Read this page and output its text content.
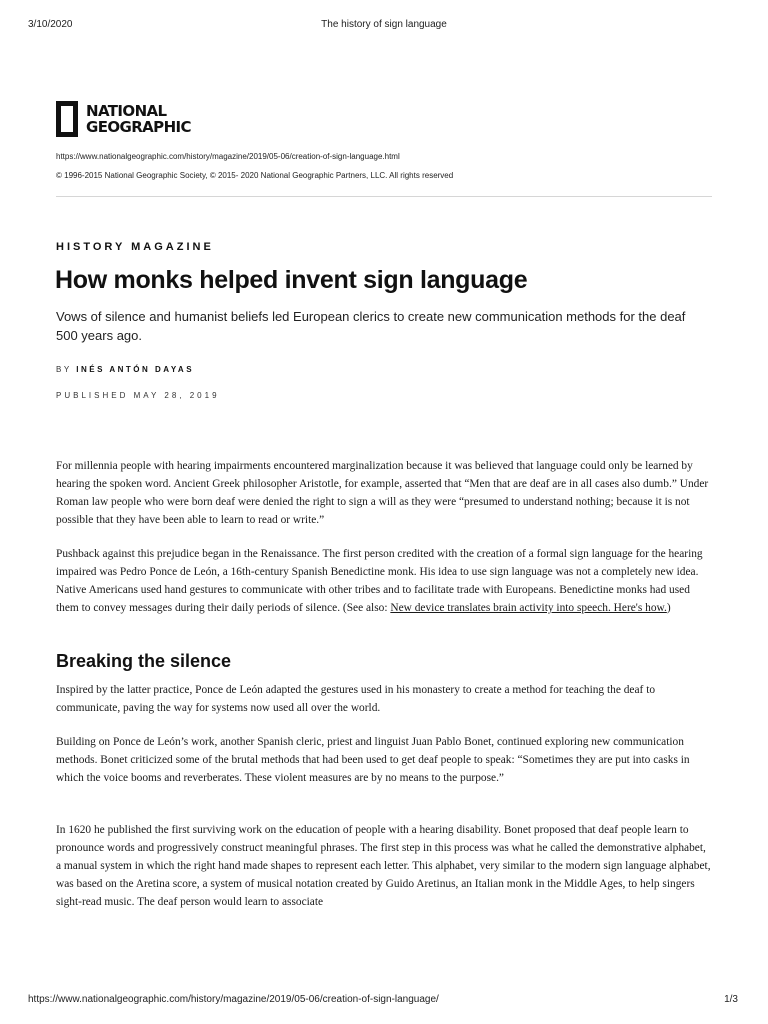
3/10/2020	The history of sign language
NATIONAL
GEOGRAPHIC
https://www.nationalgeographic.com/history/magazine/2019/05-06/creation-of-sign-language.html
© 1996-2015 National Geographic Society, © 2015- 2020 National Geographic Partners, LLC. All rights reserved
HISTORY MAGAZINE
How monks helped invent sign language

Vows of silence and humanist beliefs led European clerics to create new communication methods for the deaf 500 years ago.

BY INÉS ANTÓN DAYAS
PUBLISHED MAY 28, 2019

For millennia people with hearing impairments encountered marginalization because it was believed that language could only be learned by hearing the spoken word. Ancient Greek philosopher Aristotle, for example, asserted that “Men that are deaf are in all cases also dumb.” Under Roman law people who were born deaf were denied the right to sign a will as they were “presumed to understand nothing; because it is not possible that they have been able to learn to read or write.”

Pushback against this prejudice began in the Renaissance. The first person credited with the creation of a formal sign language for the hearing impaired was Pedro Ponce de León, a 16th-century Spanish Benedictine monk. His idea to use sign language was not a completely new idea. Native Americans used hand gestures to communicate with other tribes and to facilitate trade with Europeans. Benedictine monks had used them to convey messages during their daily periods of silence. (See also: New device translates brain activity into speech. Here's how.)

Breaking the silence

Inspired by the latter practice, Ponce de León adapted the gestures used in his monastery to create a method for teaching the deaf to communicate, paving the way for systems now used all over the world.

Building on Ponce de León’s work, another Spanish cleric, priest and linguist Juan Pablo Bonet, continued exploring new communication methods. Bonet criticized some of the brutal methods that had been used to get deaf people to speak: “Sometimes they are put into casks in which the voice booms and reverberates. These violent measures are by no means to the purpose.”

In 1620 he published the first surviving work on the education of people with a hearing disability. Bonet proposed that deaf people learn to pronounce words and progressively construct meaningful phrases. The first step in this process was what he called the demonstrative alphabet, a manual system in which the right hand made shapes to represent each letter. This alphabet, very similar to the modern sign language alphabet, was based on the Aretina score, a system of musical notation created by Guido Aretinus, an Italian monk in the Middle Ages, to help singers sight-read music. The deaf person would learn to associate

https://www.nationalgeographic.com/history/magazine/2019/05-06/creation-of-sign-language/	1/3
